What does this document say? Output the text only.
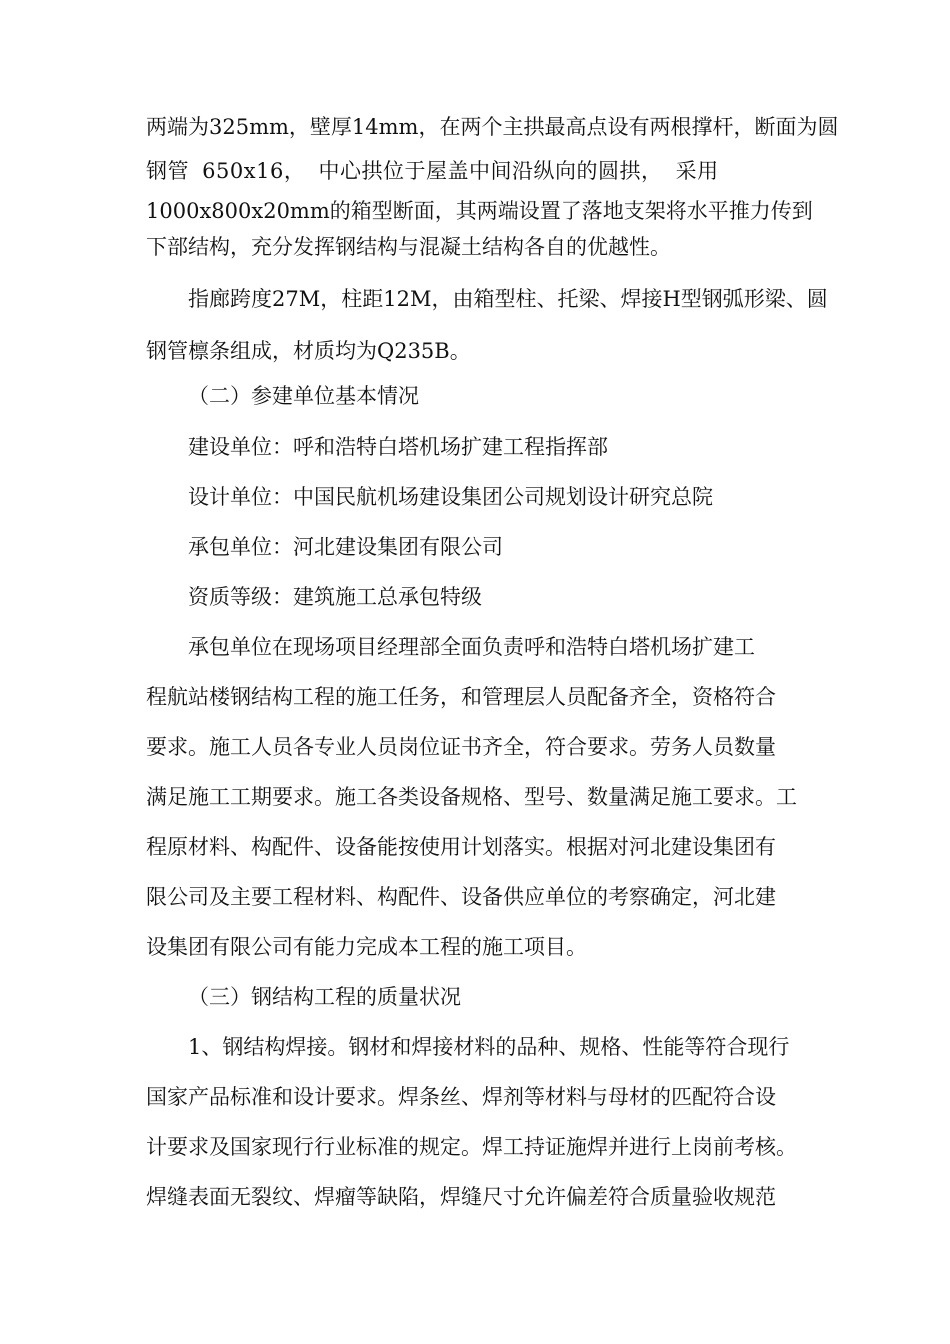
两端为325mm，壁厚14mm，在两个主拱最高点设有两根撑杆，断面为圆
钢管 650x16， 中心拱位于屋盖中间沿纵向的圆拱， 采用
1000x800x20mm的箱型断面，其两端设置了落地支架将水平推力传到
下部结构，充分发挥钢结构与混凝土结构各自的优越性。
指廊跨度27M，柱距12M，由箱型柱、托梁、焊接H型钢弧形梁、圆
钢管檩条组成，材质均为Q235B。
（二）参建单位基本情况
建设单位：呼和浩特白塔机场扩建工程指挥部
设计单位：中国民航机场建设集团公司规划设计研究总院
承包单位：河北建设集团有限公司
资质等级：建筑施工总承包特级
承包单位在现场项目经理部全面负责呼和浩特白塔机场扩建工
程航站楼钢结构工程的施工任务，和管理层人员配备齐全，资格符合
要求。施工人员各专业人员岗位证书齐全，符合要求。劳务人员数量
满足施工工期要求。施工各类设备规格、型号、数量满足施工要求。工
程原材料、构配件、设备能按使用计划落实。根据对河北建设集团有
限公司及主要工程材料、构配件、设备供应单位的考察确定，河北建
设集团有限公司有能力完成本工程的施工项目。
（三）钢结构工程的质量状况
1、钢结构焊接。钢材和焊接材料的品种、规格、性能等符合现行
国家产品标准和设计要求。焊条丝、焊剂等材料与母材的匹配符合设
计要求及国家现行行业标准的规定。焊工持证施焊并进行上岗前考核。
焊缝表面无裂纹、焊瘤等缺陷，焊缝尺寸允许偏差符合质量验收规范
